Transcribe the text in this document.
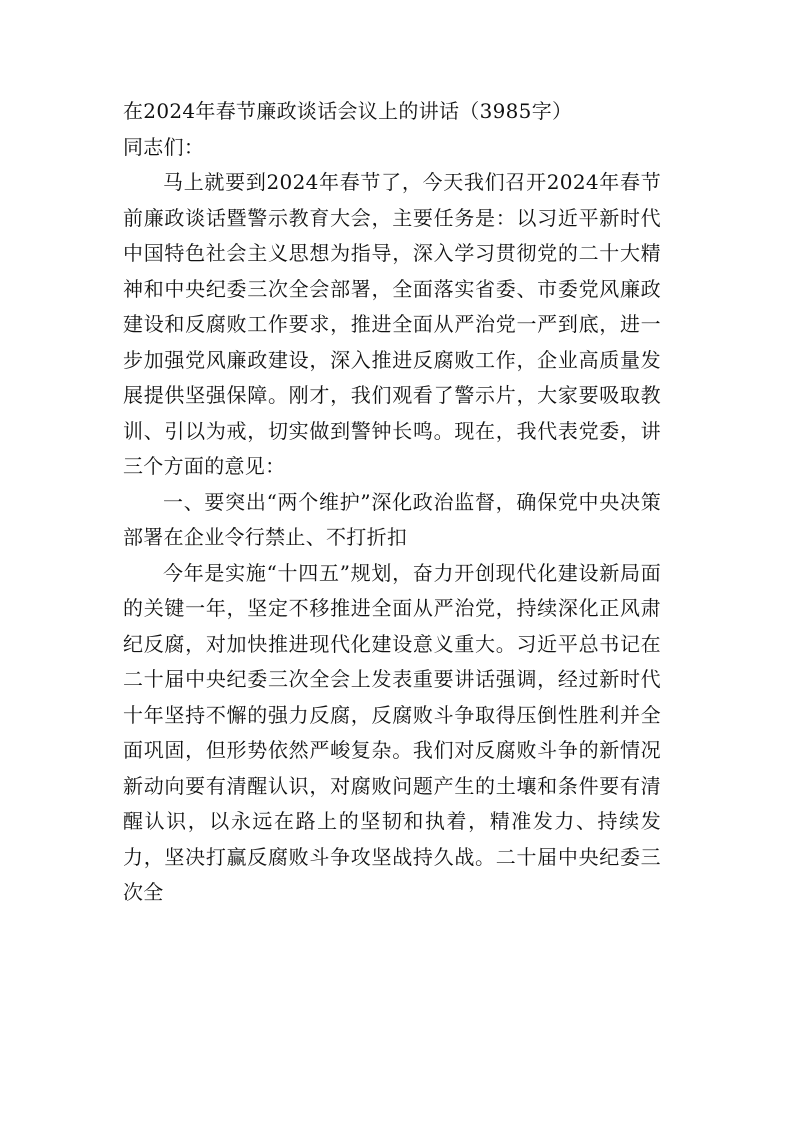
在2024年春节廉政谈话会议上的讲话（3985字）

同志们：

马上就要到2024年春节了，今天我们召开2024年春节前廉政谈话暨警示教育大会，主要任务是：以习近平新时代中国特色社会主义思想为指导，深入学习贯彻党的二十大精神和中央纪委三次全会部署，全面落实省委、市委党风廉政建设和反腐败工作要求，推进全面从严治党一严到底，进一步加强党风廉政建设，深入推进反腐败工作，企业高质量发展提供坚强保障。刚才，我们观看了警示片，大家要吸取教训、引以为戒，切实做到警钟长鸣。现在，我代表党委，讲三个方面的意见：

一、要突出“两个维护”深化政治监督，确保党中央决策部署在企业令行禁止、不打折扣

今年是实施“十四五”规划，奋力开创现代化建设新局面的关键一年，坚定不移推进全面从严治党，持续深化正风肃纪反腐，对加快推进现代化建设意义重大。习近平总书记在二十届中央纪委三次全会上发表重要讲话强调，经过新时代十年坚持不懈的强力反腐，反腐败斗争取得压倒性胜利并全面巩固，但形势依然严峻复杂。我们对反腐败斗争的新情况新动向要有清醒认识，对腐败问题产生的土壤和条件要有清醒认识，以永远在路上的坚韧和执着，精准发力、持续发力，坚决打赢反腐败斗争攻坚战持久战。二十届中央纪委三次全
